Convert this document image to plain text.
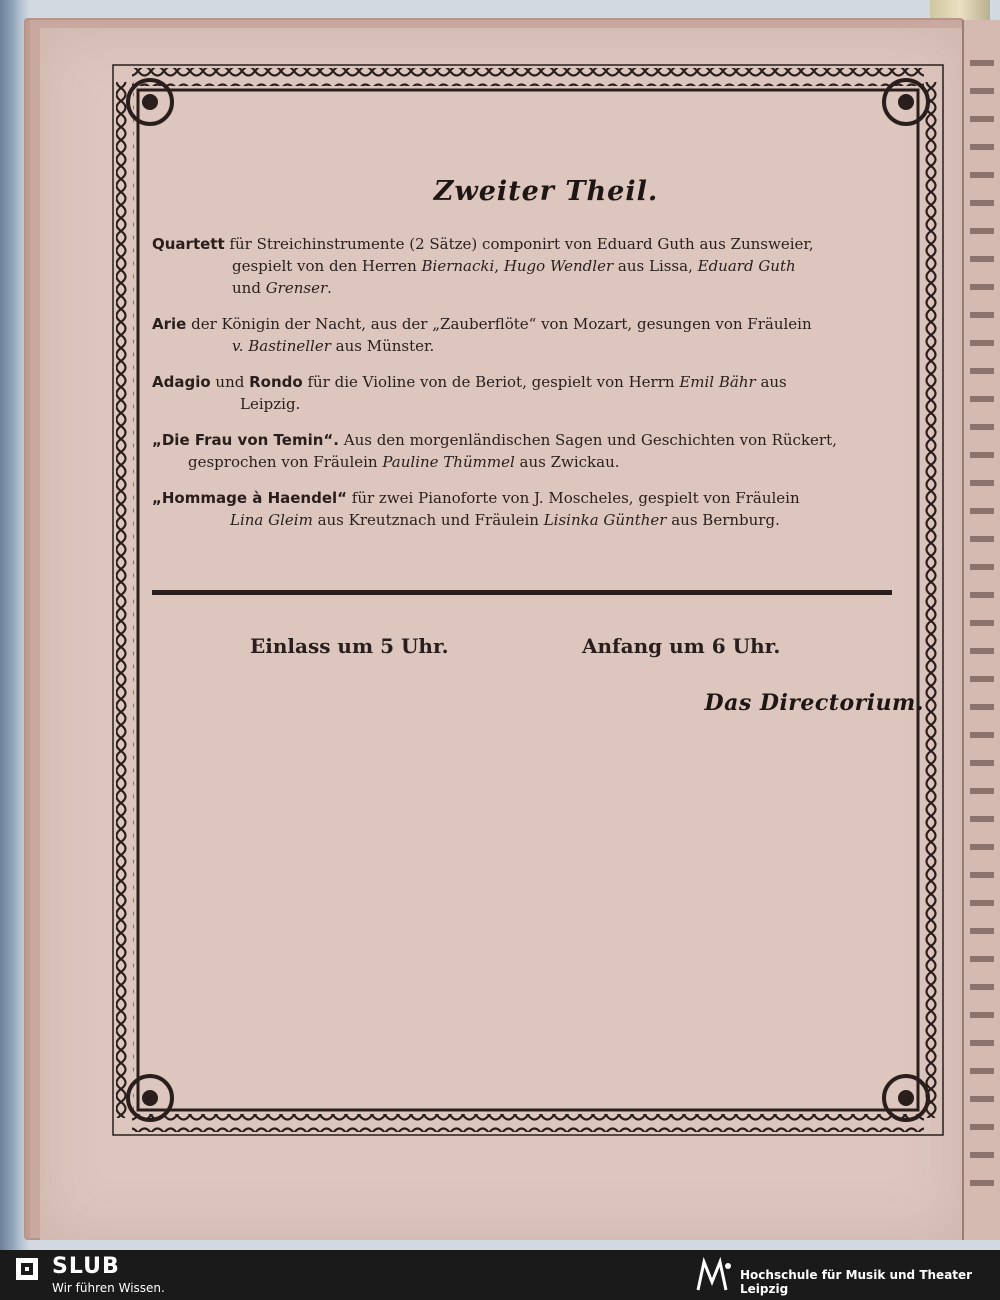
Zweiter Theil.
Quartett für Streichinstrumente (2 Sätze) componirt von Eduard Guth aus Zunsweier,
gespielt von den Herren Biernacki, Hugo Wendler aus Lissa, Eduard Guth
und Grenser.
Arie der Königin der Nacht, aus der „Zauberflöte“ von Mozart, gesungen von Fräulein
v. Bastineller aus Münster.
Adagio und Rondo für die Violine von de Beriot, gespielt von Herrn Emil Bähr aus
Leipzig.
„Die Frau von Temin“. Aus den morgenländischen Sagen und Geschichten von Rückert,
gesprochen von Fräulein Pauline Thümmel aus Zwickau.
„Hommage à Haendel“ für zwei Pianoforte von J. Moscheles, gespielt von Fräulein
Lina Gleim aus Kreutznach und Fräulein Lisinka Günther aus Bernburg.
Einlass um 5 Uhr.	Anfang um 6 Uhr.
Das Directorium.
SLUB
Wir führen Wissen.
Hochschule für Musik und Theater Leipzig
